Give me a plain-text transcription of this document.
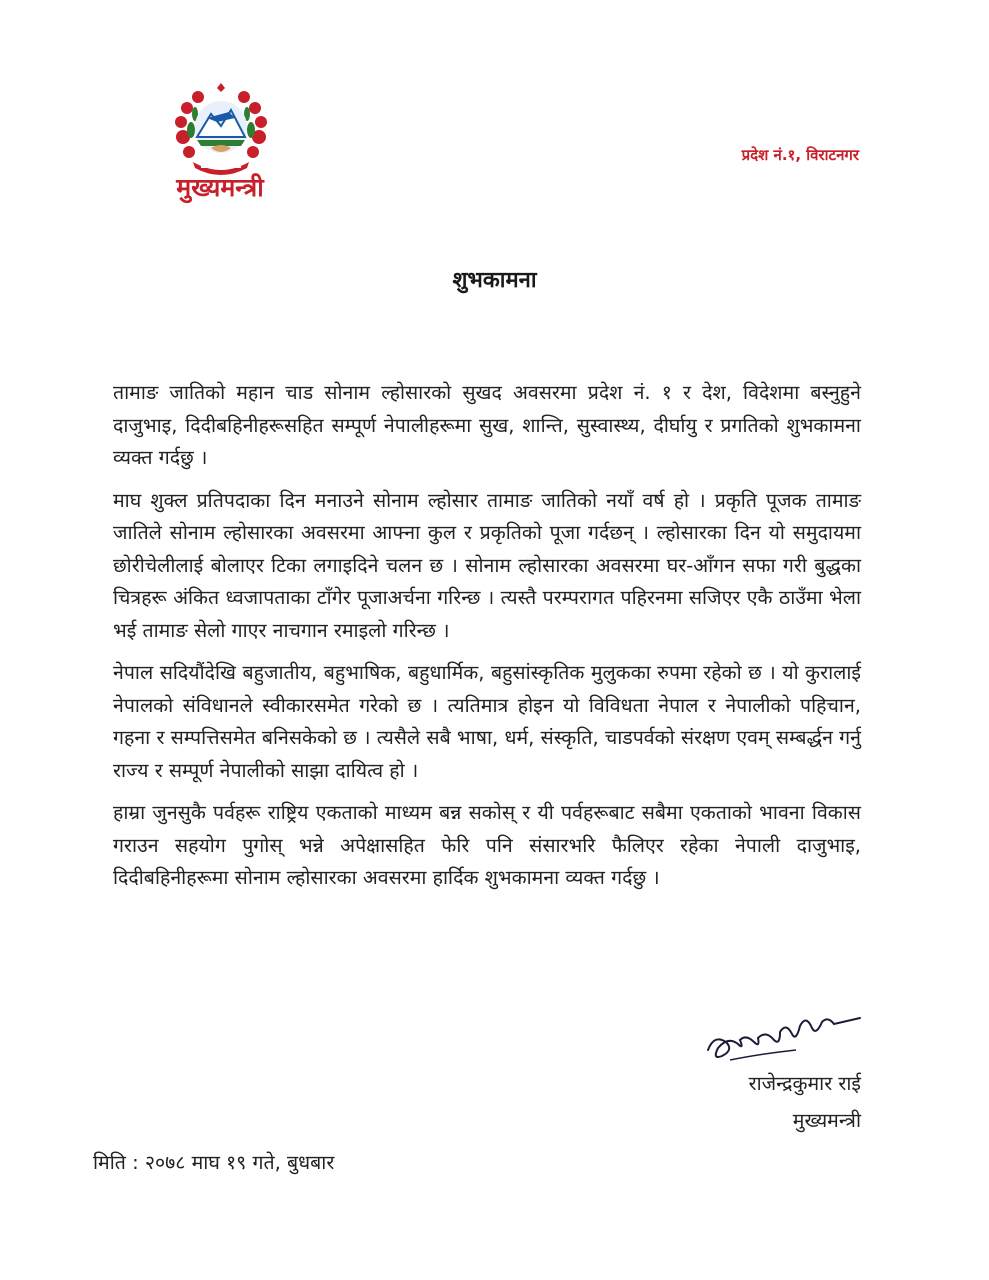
मुख्यमन्त्री
प्रदेश नं.१, विराटनगर
शुभकामना

तामाङ जातिको महान चाड सोनाम ल्होसारको सुखद अवसरमा प्रदेश नं. १ र देश, विदेशमा बस्नुहुने दाजुभाइ, दिदीबहिनीहरूसहित सम्पूर्ण नेपालीहरूमा सुख, शान्ति, सुस्वास्थ्य, दीर्घायु र प्रगतिको शुभकामना व्यक्त गर्दछु ।

माघ शुक्ल प्रतिपदाका दिन मनाउने सोनाम ल्होसार तामाङ जातिको नयाँ वर्ष हो । प्रकृति पूजक तामाङ जातिले सोनाम ल्होसारका अवसरमा आफ्ना कुल र प्रकृतिको पूजा गर्दछन् । ल्होसारका दिन यो समुदायमा छोरीचेलीलाई बोलाएर टिका लगाइदिने चलन छ । सोनाम ल्होसारका अवसरमा घर-आँगन सफा गरी बुद्धका चित्रहरू अंकित ध्वजापताका टाँगेर पूजाअर्चना गरिन्छ । त्यस्तै परम्परागत पहिरनमा सजिएर एकै ठाउँमा भेला भई तामाङ सेलो गाएर नाचगान रमाइलो गरिन्छ ।

नेपाल सदियौंदेखि बहुजातीय, बहुभाषिक, बहुधार्मिक, बहुसांस्कृतिक मुलुकका रुपमा रहेको छ । यो कुरालाई नेपालको संविधानले स्वीकारसमेत गरेको छ । त्यतिमात्र होइन यो विविधता नेपाल र नेपालीको पहिचान, गहना र सम्पत्तिसमेत बनिसकेको छ । त्यसैले सबै भाषा, धर्म, संस्कृति, चाडपर्वको संरक्षण एवम् सम्बर्द्धन गर्नु राज्य र सम्पूर्ण नेपालीको साझा दायित्व हो ।

हाम्रा जुनसुकै पर्वहरू राष्ट्रिय एकताको माध्यम बन्न सकोस् र यी पर्वहरूबाट सबैमा एकताको भावना विकास गराउन सहयोग पुगोस् भन्ने अपेक्षासहित फेरि पनि संसारभरि फैलिएर रहेका नेपाली दाजुभाइ, दिदीबहिनीहरूमा सोनाम ल्होसारका अवसरमा हार्दिक शुभकामना व्यक्त गर्दछु ।

राजेन्द्रकुमार राई
मुख्यमन्त्री
मिति : २०७८ माघ १९ गते, बुधबार
